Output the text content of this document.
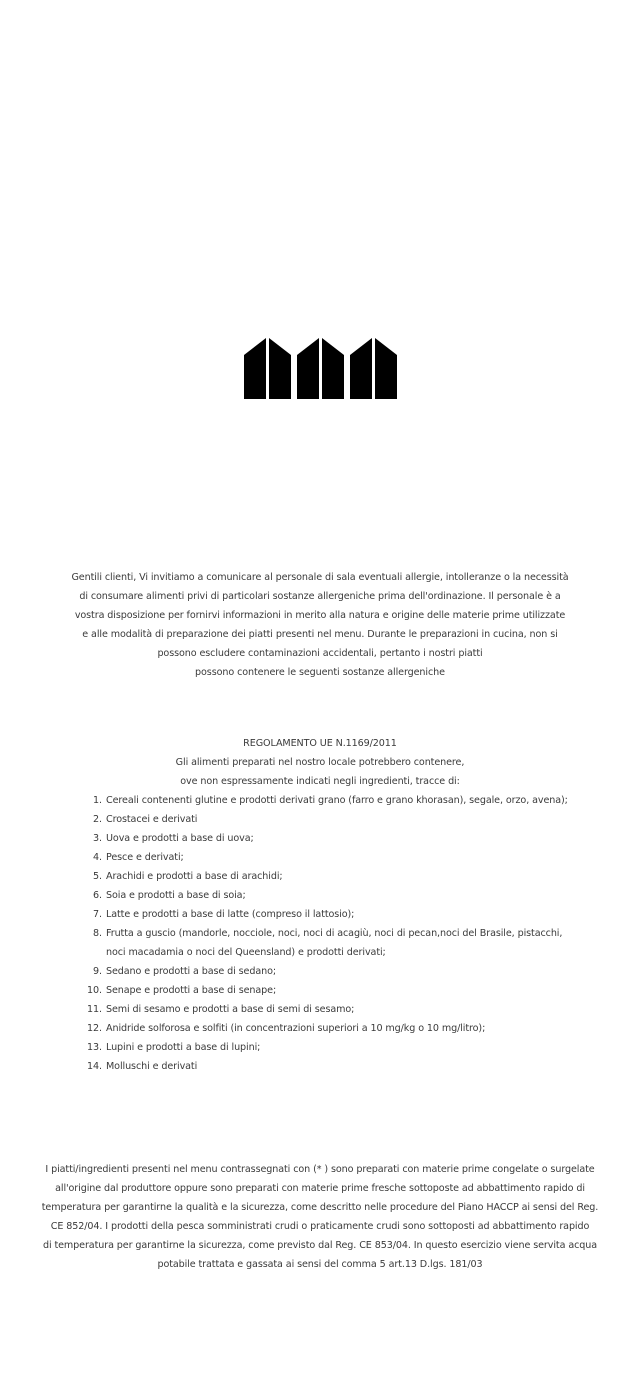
Gentili clienti, Vi invitiamo a comunicare al personale di sala eventuali allergie, intolleranze o la necessità
di consumare alimenti privi di particolari sostanze allergeniche prima dell'ordinazione. Il personale è a
vostra disposizione per fornirvi informazioni in merito alla natura e origine delle materie prime utilizzate
e alle modalità di preparazione dei piatti presenti nel menu. Durante le preparazioni in cucina, non si
possono escludere contaminazioni accidentali, pertanto i nostri piatti
possono contenere le seguenti sostanze allergeniche
REGOLAMENTO UE N.1169/2011
Gli alimenti preparati nel nostro locale potrebbero contenere,
ove non espressamente indicati negli ingredienti, tracce di:
1. Cereali contenenti glutine e prodotti derivati grano (farro e grano khorasan), segale, orzo, avena);
2. Crostacei e derivati
3. Uova e prodotti a base di uova;
4. Pesce e derivati;
5. Arachidi e prodotti a base di arachidi;
6. Soia e prodotti a base di soia;
7. Latte e prodotti a base di latte (compreso il lattosio);
8. Frutta a guscio (mandorle, nocciole, noci, noci di acagiù, noci di pecan,noci del Brasile, pistacchi,
noci macadamia o noci del Queensland) e prodotti derivati;
9. Sedano e prodotti a base di sedano;
10. Senape e prodotti a base di senape;
11. Semi di sesamo e prodotti a base di semi di sesamo;
12. Anidride solforosa e solfiti (in concentrazioni superiori a 10 mg/kg o 10 mg/litro);
13. Lupini e prodotti a base di lupini;
14. Molluschi e derivati
I piatti/ingredienti presenti nel menu contrassegnati con (* ) sono preparati con materie prime congelate o surgelate
all'origine dal produttore oppure sono preparati con materie prime fresche sottoposte ad abbattimento rapido di
temperatura per garantirne la qualità e la sicurezza, come descritto nelle procedure del Piano HACCP ai sensi del Reg.
CE 852/04. I prodotti della pesca somministrati crudi o praticamente crudi sono sottoposti ad abbattimento rapido
di temperatura per garantirne la sicurezza, come previsto dal Reg. CE 853/04. In questo esercizio viene servita acqua
potabile trattata e gassata ai sensi del comma 5 art.13 D.lgs. 181/03
